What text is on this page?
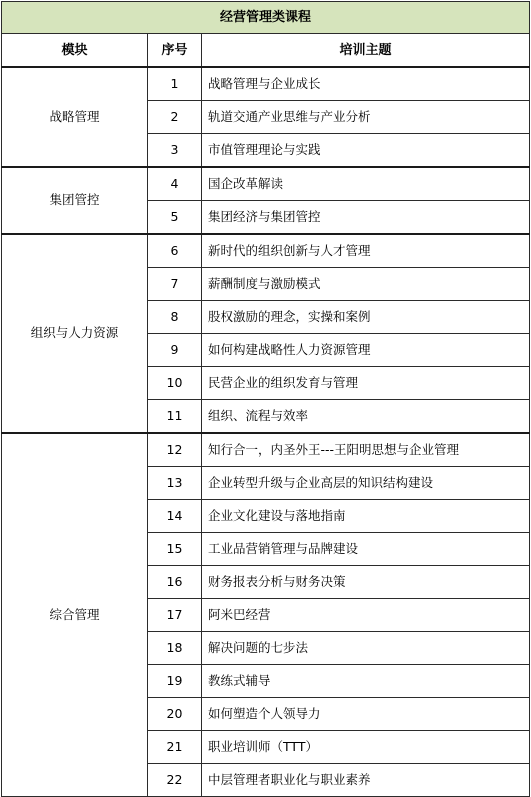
经营管理类课程		
模块	序号	培训主题
战略管理	1	战略管理与企业成长
	2	轨道交通产业思维与产业分析
	3	市值管理理论与实践
集团管控	4	国企改革解读
	5	集团经济与集团管控
组织与人力资源	6	新时代的组织创新与人才管理
	7	薪酬制度与激励模式
	8	股权激励的理念，实操和案例
	9	如何构建战略性人力资源管理
	10	民营企业的组织发育与管理
	11	组织、流程与效率
综合管理	12	知行合一，内圣外王---王阳明思想与企业管理
	13	企业转型升级与企业高层的知识结构建设
	14	企业文化建设与落地指南
	15	工业品营销管理与品牌建设
	16	财务报表分析与财务决策
	17	阿米巴经营
	18	解决问题的七步法
	19	教练式辅导
	20	如何塑造个人领导力
	21	职业培训师（TTT）
	22	中层管理者职业化与职业素养
